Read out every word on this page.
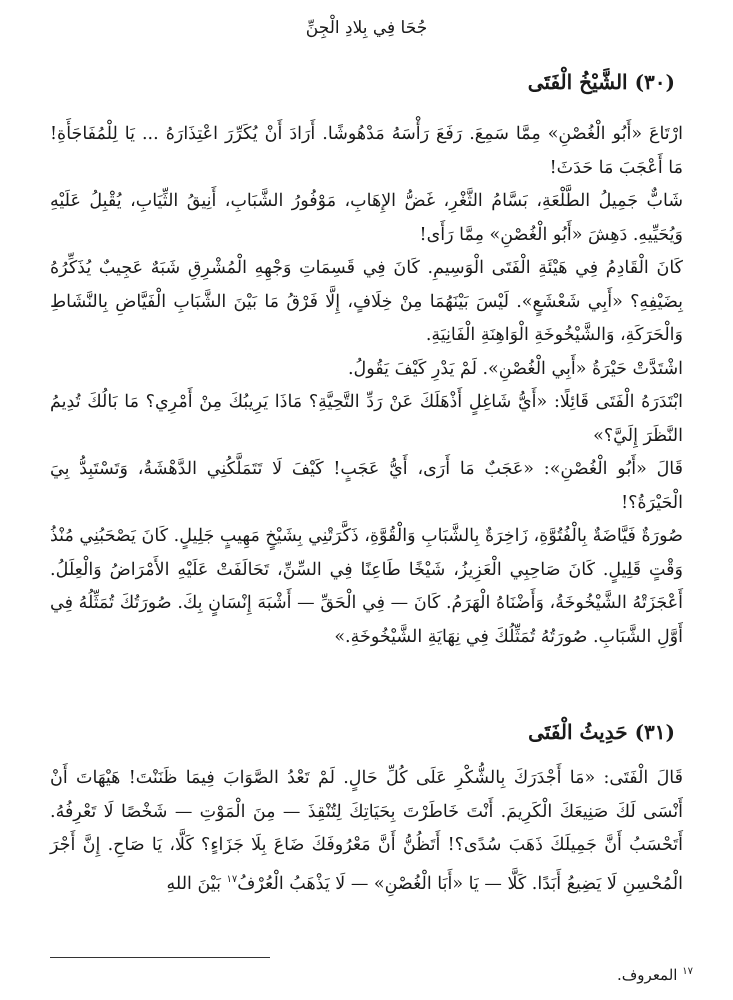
جُحَا فِي بِلادِ الْجِنِّ
(٣٠) الشَّيْخُ الْفَتَى

ارْتَاعَ «أَبُو الْغُصْنِ» مِمَّا سَمِعَ. رَفَعَ رَأْسَهُ مَدْهُوشًا. أَرَادَ أَنْ يُكَرِّرَ اعْتِذَارَهُ ... يَا لِلْمُفَاجَأَةِ! مَا أَعْجَبَ مَا حَدَثَ!

شَابٌّ جَمِيلُ الطَّلْعَةِ، بَسَّامُ الثَّغْرِ، غَضُّ الإِهَابِ، مَوْفُورُ الشَّبَابِ، أَنِيقُ الثِّيَابِ، يُقْبِلُ عَلَيْهِ وَيُحَيِّيهِ. دَهِشَ «أَبُو الْغُصْنِ» مِمَّا رَأَى!

كَانَ الْقَادِمُ فِي هَيْئَةِ الْفَتَى الْوَسِيمِ. كَانَ فِي قَسِمَاتِ وَجْهِهِ الْمُشْرِقِ شَبَهٌ عَجِيبٌ يُذَكِّرُهُ بِضَيْفِهِ؟ «أَبِي شَعْشَعٍ». لَيْسَ بَيْنَهُمَا مِنْ خِلَافٍ، إِلَّا فَرْقُ مَا بَيْنَ الشَّبَابِ الْفَيَّاضِ بِالنَّشَاطِ وَالْحَرَكَةِ، وَالشَّيْخُوخَةِ الْوَاهِنَةِ الْفَانِيَةِ.

اشْتَدَّتْ حَيْرَةُ «أَبِي الْغُصْنِ». لَمْ يَدْرِ كَيْفَ يَقُولُ.

ابْتَدَرَهُ الْفَتَى قَائِلًا: «أَيُّ شَاغِلٍ أَذْهَلَكَ عَنْ رَدِّ التَّحِيَّةِ؟ مَاذَا يَرِيبُكَ مِنْ أَمْرِي؟ مَا بَالُكَ تُدِيمُ النَّظَرَ إِلَيَّ؟»

قَالَ «أَبُو الْغُصْنِ»: «عَجَبٌ مَا أَرَى، أَيُّ عَجَبٍ! كَيْفَ لَا تَتَمَلَّكُنِي الدَّهْشَةُ، وَتَسْتَبِدُّ بِيَ الْحَيْرَةُ؟!

صُورَةٌ فَيَّاضَةٌ بِالْفُتُوَّةِ، زَاخِرَةٌ بِالشَّبَابِ وَالْقُوَّةِ، ذَكَّرَتْنِي بِشَيْخٍ مَهِيبٍ جَلِيلٍ. كَانَ يَصْحَبُنِي مُنْذُ وَقْتٍ قَلِيلٍ. كَانَ صَاحِبِي الْعَزِيزُ، شَيْخًا طَاعِنًا فِي السِّنِّ، تَحَالَفَتْ عَلَيْهِ الأَمْرَاضُ وَالْعِلَلُ. أَعْجَزَتْهُ الشَّيْخُوخَةُ، وَأَضْنَاهُ الْهَرَمُ. كَانَ — فِي الْحَقِّ — أَشْبَهَ إِنْسَانٍ بِكَ. صُورَتُكَ تُمَثِّلُهُ فِي أَوَّلِ الشَّبَابِ. صُورَتُهُ تُمَثِّلُكَ فِي نِهَايَةِ الشَّيْخُوخَةِ.»

(٣١) حَدِيثُ الْفَتَى

قَالَ الْفَتَى: «مَا أَجْدَرَكَ بِالشُّكْرِ عَلَى كُلِّ حَالٍ. لَمْ تَعْدُ الصَّوَابَ فِيمَا ظَنَنْتَ! هَيْهَاتَ أَنْ أَنْسَى لَكَ صَنِيعَكَ الْكَرِيمَ. أَنْتَ خَاطَرْتَ بِحَيَاتِكَ لِتُنْقِذَ — مِنَ الْمَوْتِ — شَخْصًا لَا تَعْرِفُهُ. أَتَحْسَبُ أَنَّ جَمِيلَكَ ذَهَبَ سُدًى؟! أَتَظُنُّ أَنَّ مَعْرُوفَكَ ضَاعَ بِلَا جَزَاءٍ؟ كَلَّا، يَا صَاحِ. إِنَّ أَجْرَ الْمُحْسِنِ لَا يَضِيعُ أَبَدًا. كَلَّا — يَا «أَبَا الْغُصْنِ» — لَا يَذْهَبُ الْعُرْفُ$^{١٧}$ بَيْنَ اللهِ

$^{١٧}$ المعروف.
